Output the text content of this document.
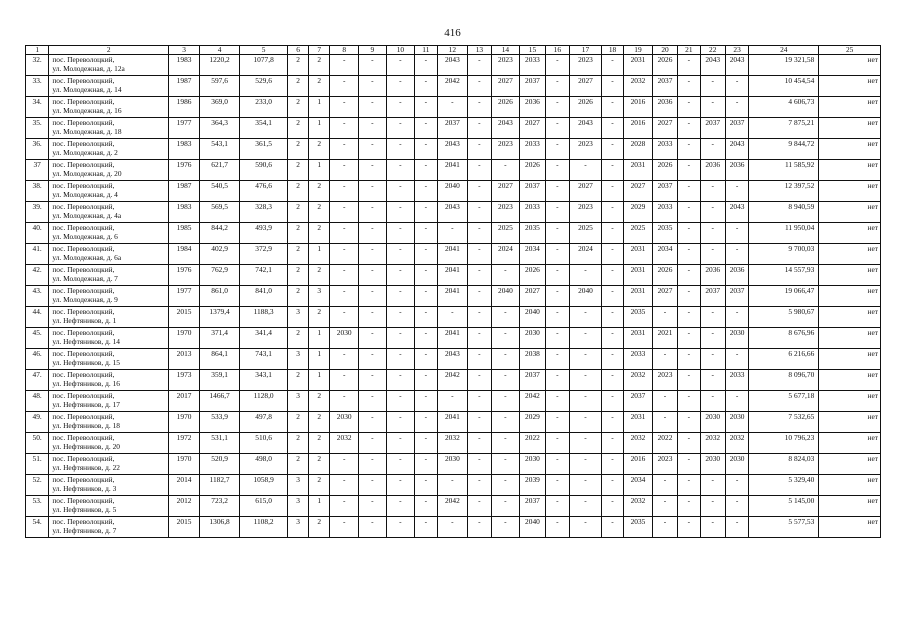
416
1	2	3	4	5	6	7	8	9	10	11	12	13	14	15	16	17	18	19	20	21	22	23	24	25
32.	пос. Переволоцкий,
ул. Молодежная, д. 12а	1983	1220,2	1077,8	2	2	-	-	-	-	2043	-	2023	2033	-	2023	-	2031	2026	-	2043	2043	19 321,58	нет
33.	пос. Переволоцкий,
ул. Молодежная, д. 14	1987	597,6	529,6	2	2	-	-	-	-	2042	-	2027	2037	-	2027	-	2032	2037	-	-	-	10 454,54	нет
34.	пос. Переволоцкий,
ул. Молодежная, д. 16	1986	369,0	233,0	2	1	-	-	-	-	-	-	2026	2036	-	2026	-	2016	2036	-	-	-	4 606,73	нет
35.	пос. Переволоцкий,
ул. Молодежная, д. 18	1977	364,3	354,1	2	1	-	-	-	-	2037	-	2043	2027	-	2043	-	2016	2027	-	2037	2037	7 875,21	нет
36.	пос. Переволоцкий,
ул. Молодежная, д. 2	1983	543,1	361,5	2	2	-	-	-	-	2043	-	2023	2033	-	2023	-	2028	2033	-	-	2043	9 844,72	нет
37	пос. Переволоцкий,
ул. Молодежная, д. 20	1976	621,7	590,6	2	1	-	-	-	-	2041	-	-	2026	-	-	-	2031	2026	-	2036	2036	11 585,92	нет
38.	пос. Переволоцкий,
ул. Молодежная, д. 4	1987	540,5	476,6	2	2	-	-	-	-	2040	-	2027	2037	-	2027	-	2027	2037	-	-	-	12 397,52	нет
39.	пос. Переволоцкий,
ул. Молодежная, д. 4а	1983	569,5	328,3	2	2	-	-	-	-	2043	-	2023	2033	-	2023	-	2029	2033	-	-	2043	8 940,59	нет
40.	пос. Переволоцкий,
ул. Молодежная, д. 6	1985	844,2	493,9	2	2	-	-	-	-	-	-	2025	2035	-	2025	-	2025	2035	-	-	-	11 950,04	нет
41.	пос. Переволоцкий,
ул. Молодежная, д. 6а	1984	402,9	372,9	2	1	-	-	-	-	2041	-	2024	2034	-	2024	-	2031	2034	-	-	-	9 700,03	нет
42.	пос. Переволоцкий,
ул. Молодежная, д. 7	1976	762,9	742,1	2	2	-	-	-	-	2041	-	-	2026	-	-	-	2031	2026	-	2036	2036	14 557,93	нет
43.	пос. Переволоцкий,
ул. Молодежная, д. 9	1977	861,0	841,0	2	3	-	-	-	-	2041	-	2040	2027	-	2040	-	2031	2027	-	2037	2037	19 066,47	нет
44.	пос. Переволоцкий,
ул. Нефтяников, д. 1	2015	1379,4	1188,3	3	2	-	-	-	-	-	-	-	2040	-	-	-	2035	-	-	-	-	5 980,67	нет
45.	пос. Переволоцкий,
ул. Нефтяников, д. 14	1970	371,4	341,4	2	1	2030	-	-	-	2041	-	-	2030	-	-	-	2031	2021	-	-	2030	8 676,96	нет
46.	пос. Переволоцкий,
ул. Нефтяников, д. 15	2013	864,1	743,1	3	1	-	-	-	-	2043	-	-	2038	-	-	-	2033	-	-	-	-	6 216,66	нет
47.	пос. Переволоцкий,
ул. Нефтяников, д. 16	1973	359,1	343,1	2	1	-	-	-	-	2042	-	-	2037	-	-	-	2032	2023	-	-	2033	8 096,70	нет
48.	пос. Переволоцкий,
ул. Нефтяников, д. 17	2017	1466,7	1128,0	3	2	-	-	-	-	-	-	-	2042	-	-	-	2037	-	-	-	-	5 677,18	нет
49.	пос. Переволоцкий,
ул. Нефтяников, д. 18	1970	533,9	497,8	2	2	2030	-	-	-	2041	-	-	2029	-	-	-	2031	-	-	2030	2030	7 532,65	нет
50.	пос. Переволоцкий,
ул. Нефтяников, д. 20	1972	531,1	510,6	2	2	2032	-	-	-	2032	-	-	2022	-	-	-	2032	2022	-	2032	2032	10 796,23	нет
51.	пос. Переволоцкий,
ул. Нефтяников, д. 22	1970	520,9	498,0	2	2	-	-	-	-	2030	-	-	2030	-	-	-	2016	2023	-	2030	2030	8 824,03	нет
52.	пос. Переволоцкий,
ул. Нефтяников, д. 3	2014	1182,7	1058,9	3	2	-	-	-	-	-	-	-	2039	-	-	-	2034	-	-	-	-	5 329,40	нет
53.	пос. Переволоцкий,
ул. Нефтяников, д. 5	2012	723,2	615,0	3	1	-	-	-	-	2042	-	-	2037	-	-	-	2032	-	-	-	-	5 145,00	нет
54.	пос. Переволоцкий,
ул. Нефтяников, д. 7	2015	1306,8	1108,2	3	2	-	-	-	-	-	-	-	2040	-	-	-	2035	-	-	-	-	5 577,53	нет
